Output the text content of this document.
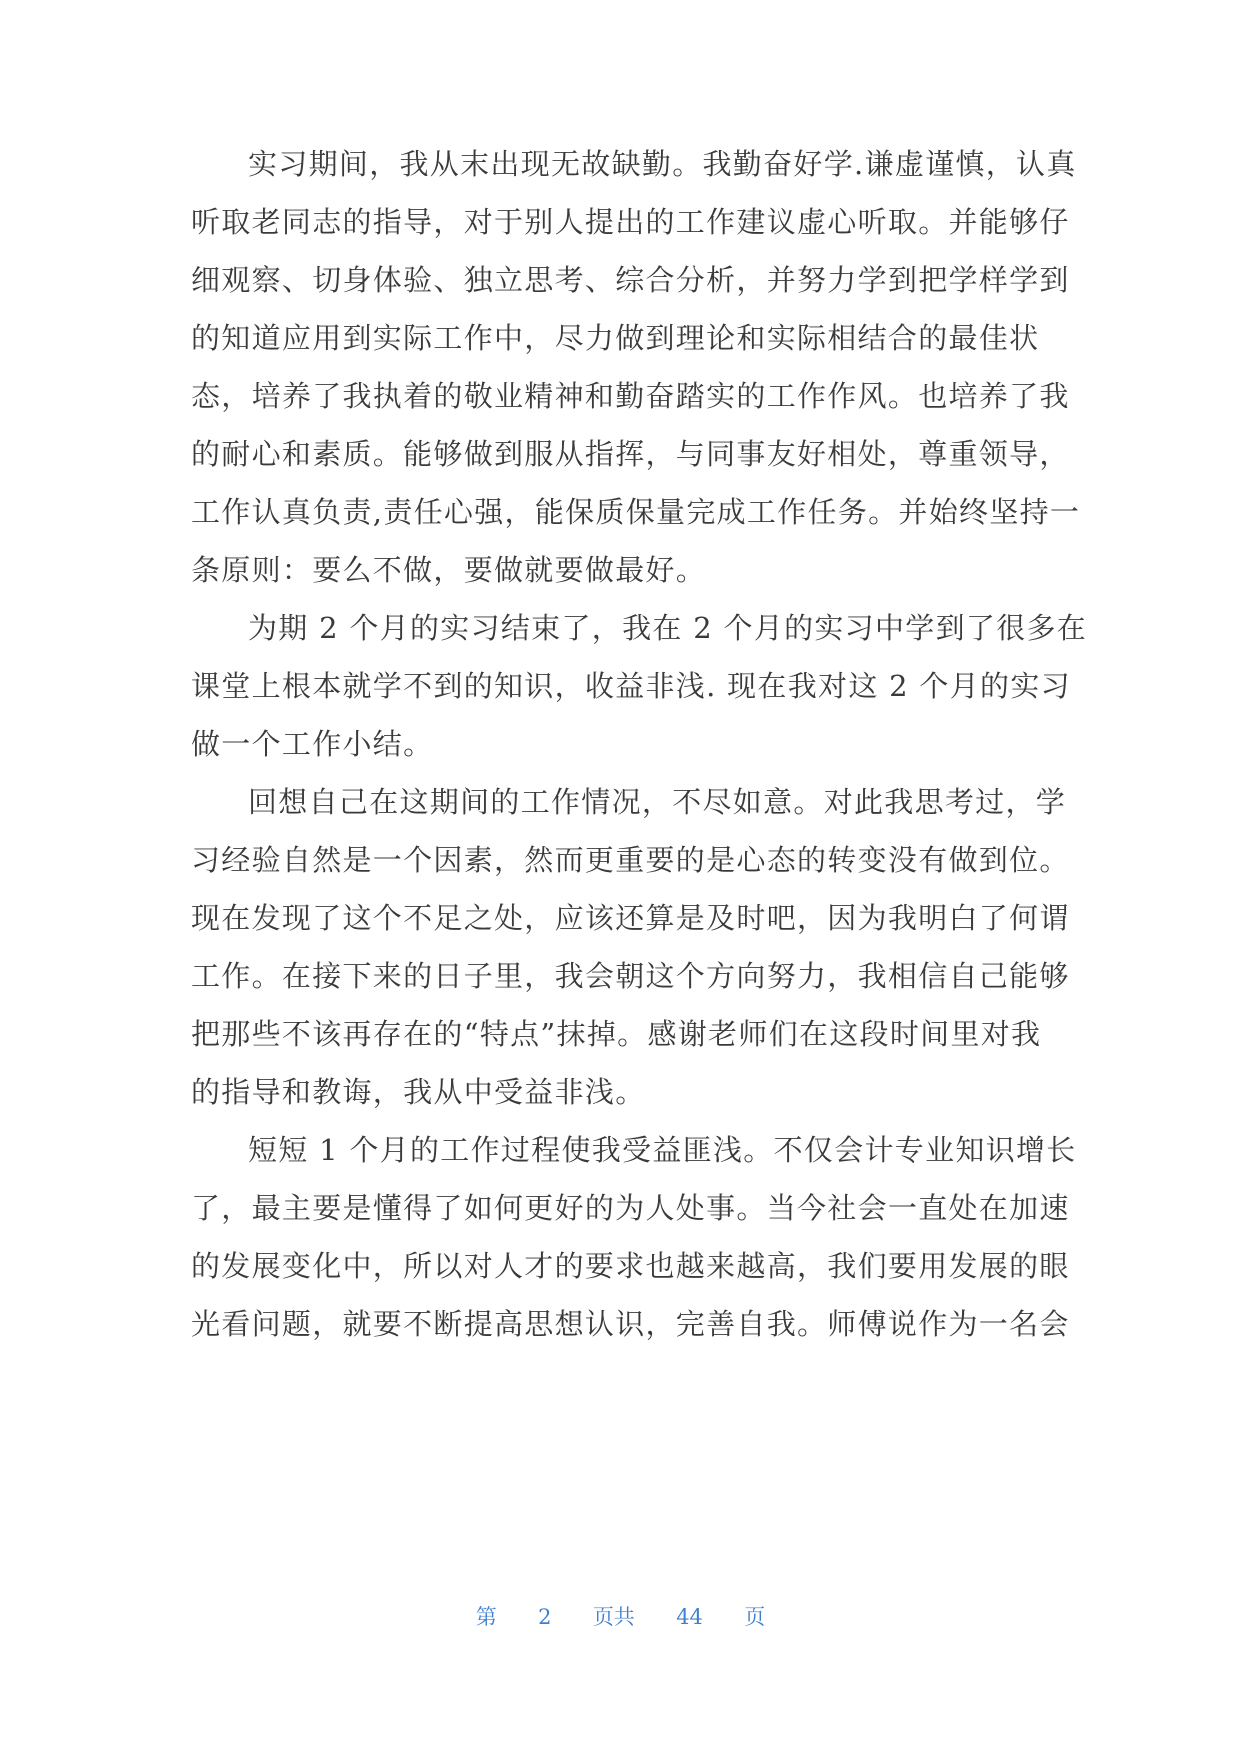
实习期间，我从末出现无故缺勤。我勤奋好学.谦虚谨慎，认真
听取老同志的指导，对于别人提出的工作建议虚心听取。并能够仔
细观察、切身体验、独立思考、综合分析，并努力学到把学样学到
的知道应用到实际工作中，尽力做到理论和实际相结合的最佳状
态，培养了我执着的敬业精神和勤奋踏实的工作作风。也培养了我
的耐心和素质。能够做到服从指挥，与同事友好相处，尊重领导，
工作认真负责,责任心强，能保质保量完成工作任务。并始终坚持一
条原则：要么不做，要做就要做最好。
为期 2 个月的实习结束了，我在 2 个月的实习中学到了很多在
课堂上根本就学不到的知识，收益非浅. 现在我对这 2 个月的实习
做一个工作小结。
回想自己在这期间的工作情况，不尽如意。对此我思考过，学
习经验自然是一个因素，然而更重要的是心态的转变没有做到位。
现在发现了这个不足之处，应该还算是及时吧，因为我明白了何谓
工作。在接下来的日子里，我会朝这个方向努力，我相信自己能够
把那些不该再存在的“特点”抹掉。感谢老师们在这段时间里对我
的指导和教诲，我从中受益非浅。
短短 1 个月的工作过程使我受益匪浅。不仅会计专业知识增长
了，最主要是懂得了如何更好的为人处事。当今社会一直处在加速
的发展变化中，所以对人才的要求也越来越高，我们要用发展的眼
光看问题，就要不断提高思想认识，完善自我。师傅说作为一名会
第 2 页共 44 页
